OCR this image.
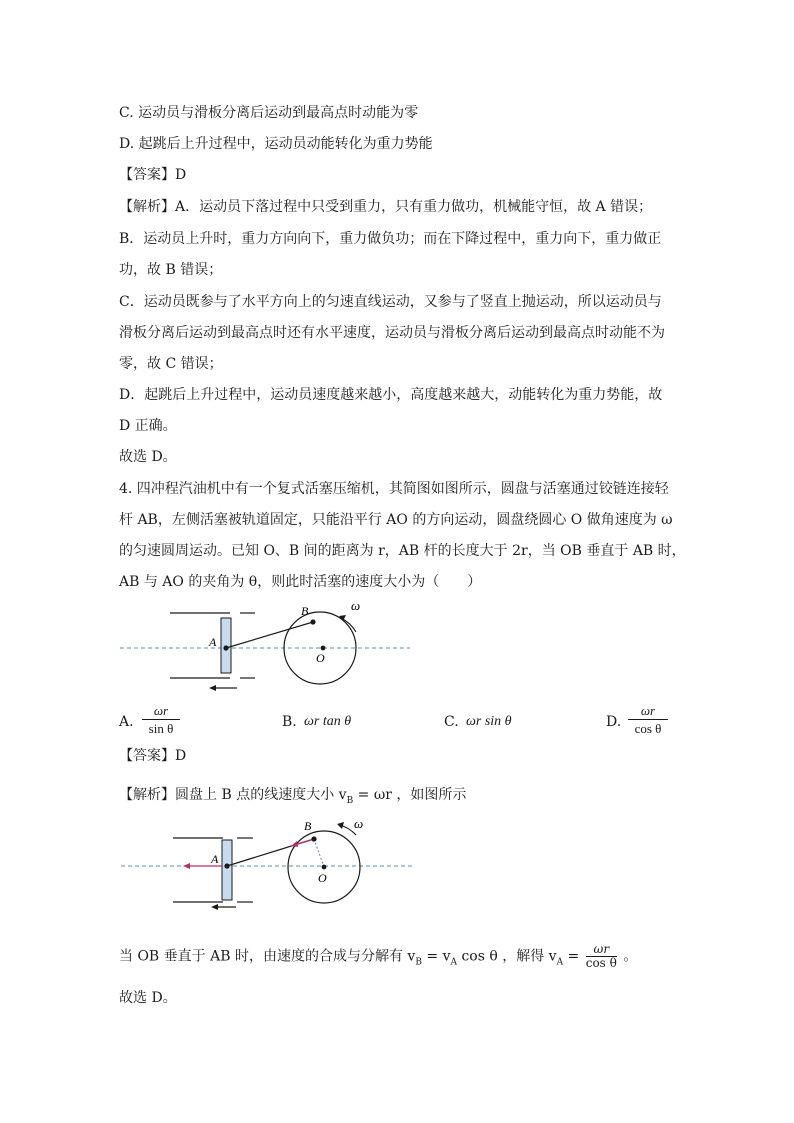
C. 运动员与滑板分离后运动到最高点时动能为零
D. 起跳后上升过程中，运动员动能转化为重力势能
【答案】D
【解析】A．运动员下落过程中只受到重力，只有重力做功，机械能守恒，故 A 错误；
B．运动员上升时，重力方向向下，重力做负功；而在下降过程中，重力向下，重力做正
功，故 B 错误；
C．运动员既参与了水平方向上的匀速直线运动，又参与了竖直上抛运动，所以运动员与
滑板分离后运动到最高点时还有水平速度，运动员与滑板分离后运动到最高点时动能不为
零，故 C 错误；
D．起跳后上升过程中，运动员速度越来越小，高度越来越大，动能转化为重力势能，故
D 正确。
故选 D。
4. 四冲程汽油机中有一个复式活塞压缩机，其简图如图所示，圆盘与活塞通过铰链连接轻
杆 AB，左侧活塞被轨道固定，只能沿平行 AO 的方向运动，圆盘绕圆心 O 做角速度为 ω
的匀速圆周运动。已知 O、B 间的距离为 r，AB 杆的长度大于 2r，当 OB 垂直于 AB 时，
AB 与 AO 的夹角为 θ，则此时活塞的速度大小为（　　）
A
B
O
ω
A. $\frac{\omega r}{\text{sin θ}}$	B. ωr tan θ	C. ωr sin θ	D. $\frac{\omega r}{\text{cos θ}}$
【答案】D
【解析】圆盘上 B 点的线速度大小 $v_B = \omega r$ ，如图所示
A
B
O
ω
当 OB 垂直于 AB 时，由速度的合成与分解有 $v_B = v_A$ cos θ ，解得 $v_A = \frac{\omega r}{\text{cos θ}}$ 。
故选 D。
